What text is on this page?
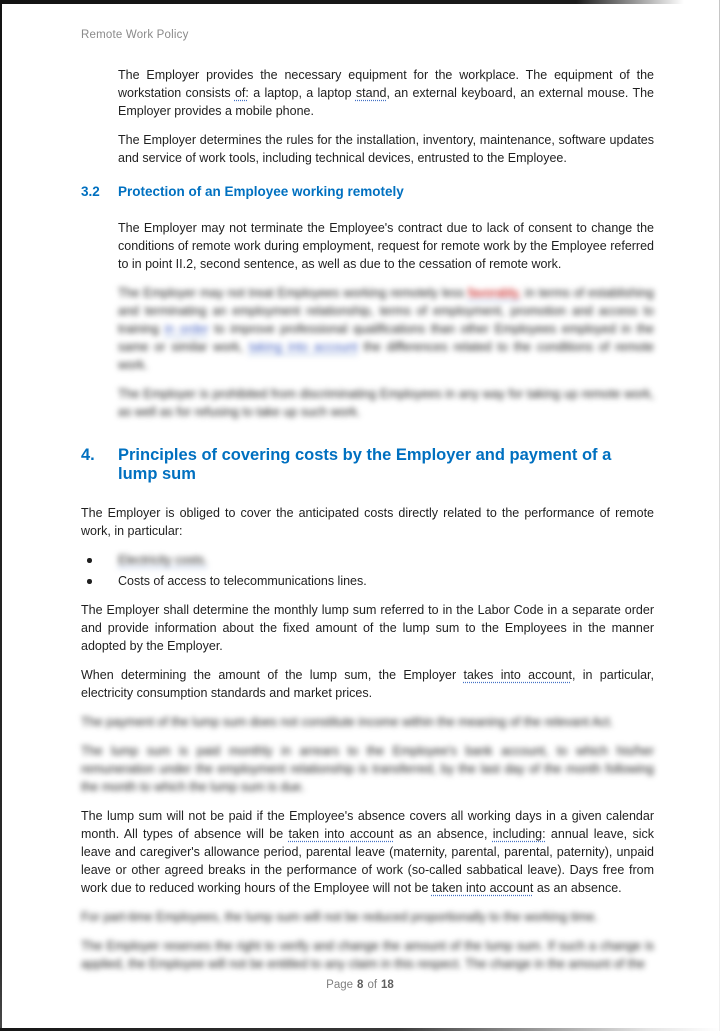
Remote Work Policy

The Employer provides the necessary equipment for the workplace. The equipment of the workstation consists of: a laptop, a laptop stand, an external keyboard, an external mouse. The Employer provides a mobile phone.

The Employer determines the rules for the installation, inventory, maintenance, software updates and service of work tools, including technical devices, entrusted to the Employee.

3.2	Protection of an Employee working remotely

The Employer may not terminate the Employee's contract due to lack of consent to change the conditions of remote work during employment, request for remote work by the Employee referred to in point II.2, second sentence, as well as due to the cessation of remote work.

The Employer may not treat Employees working remotely less favorably, in terms of establishing and terminating an employment relationship, terms of employment, promotion and access to training in order to improve professional qualifications than other Employees employed in the same or similar work, taking into account the differences related to the conditions of remote work.

The Employer is prohibited from discriminating Employees in any way for taking up remote work, as well as for refusing to take up such work.

4.	Principles of covering costs by the Employer and payment of a lump sum

The Employer is obliged to cover the anticipated costs directly related to the performance of remote work, in particular:

Electricity costs.
Costs of access to telecommunications lines.

The Employer shall determine the monthly lump sum referred to in the Labor Code in a separate order and provide information about the fixed amount of the lump sum to the Employees in the manner adopted by the Employer.

When determining the amount of the lump sum, the Employer takes into account, in particular, electricity consumption standards and market prices.

The payment of the lump sum does not constitute income within the meaning of the relevant Act.

The lump sum is paid monthly in arrears to the Employee's bank account, to which his/her remuneration under the employment relationship is transferred, by the last day of the month following the month to which the lump sum is due.

The lump sum will not be paid if the Employee's absence covers all working days in a given calendar month. All types of absence will be taken into account as an absence, including: annual leave, sick leave and caregiver's allowance period, parental leave (maternity, parental, parental, paternity), unpaid leave or other agreed breaks in the performance of work (so-called sabbatical leave). Days free from work due to reduced working hours of the Employee will not be taken into account as an absence.

For part-time Employees, the lump sum will not be reduced proportionally to the working time.

The Employer reserves the right to verify and change the amount of the lump sum. If such a change is applied, the Employee will not be entitled to any claim in this respect. The change in the amount of the

Page 8 of 18
